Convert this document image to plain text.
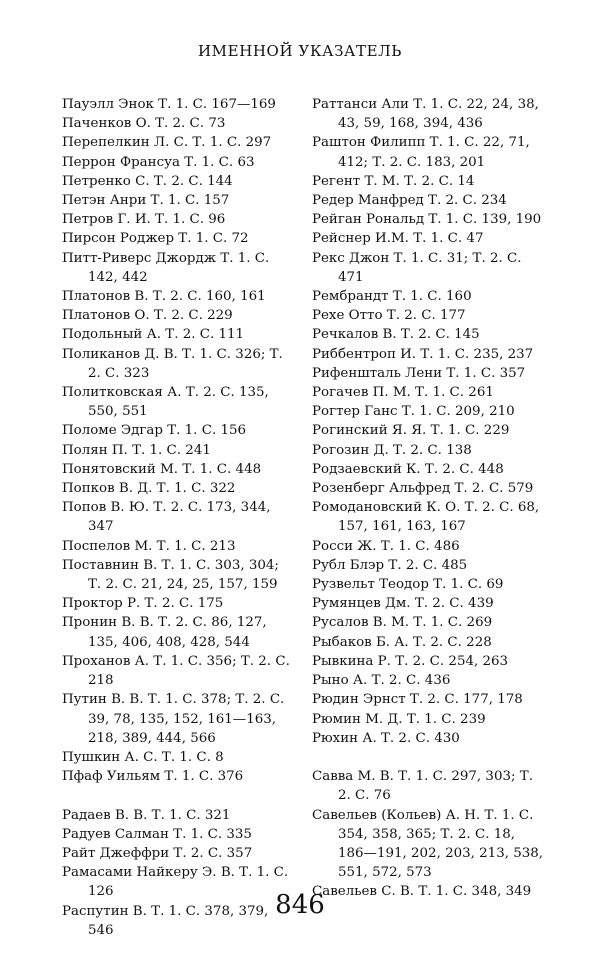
ИМЕННОЙ УКАЗАТЕЛЬ

Пауэлл Энок Т. 1. С. 167—169

Паченков О. Т. 2. С. 73

Перепелкин Л. С. Т. 1. С. 297

Перрон Франсуа Т. 1. С. 63

Петренко С. Т. 2. С. 144

Петэн Анри Т. 1. С. 157

Петров Г. И. Т. 1. С. 96

Пирсон Роджер Т. 1. С. 72

Питт-Риверс Джордж Т. 1. С. 142, 442

Платонов В. Т. 2. С. 160, 161

Платонов О. Т. 2. С. 229

Подольный А. Т. 2. С. 111

Поликанов Д. В. Т. 1. С. 326; Т. 2. С. 323

Политковская А. Т. 2. С. 135, 550, 551

Поломе Эдгар Т. 1. С. 156

Полян П. Т. 1. С. 241

Понятовский М. Т. 1. С. 448

Попков В. Д. Т. 1. С. 322

Попов В. Ю. Т. 2. С. 173, 344, 347

Поспелов М. Т. 1. С. 213

Поставнин В. Т. 1. С. 303, 304; Т. 2. С. 21, 24, 25, 157, 159

Проктор Р. Т. 2. С. 175

Пронин В. В. Т. 2. С. 86, 127, 135, 406, 408, 428, 544

Проханов А. Т. 1. С. 356; Т. 2. С. 218

Путин В. В. Т. 1. С. 378; Т. 2. С. 39, 78, 135, 152, 161—163, 218, 389, 444, 566

Пушкин А. С. Т. 1. С. 8

Пфаф Уильям Т. 1. С. 376

Радаев В. В. Т. 1. С. 321

Радуев Салман Т. 1. С. 335

Райт Джеффри Т. 2. С. 357

Рамасами Найкеру Э. В. Т. 1. С. 126

Распутин В. Т. 1. С. 378, 379, 546

Раттанси Али Т. 1. С. 22, 24, 38, 43, 59, 168, 394, 436

Раштон Филипп Т. 1. С. 22, 71, 412; Т. 2. С. 183, 201

Регент Т. М. Т. 2. С. 14

Редер Манфред Т. 2. С. 234

Рейган Рональд Т. 1. С. 139, 190

Рейснер И.М. Т. 1. С. 47

Рекс Джон Т. 1. С. 31; Т. 2. С. 471

Рембрандт Т. 1. С. 160

Рехе Отто Т. 2. С. 177

Речкалов В. Т. 2. С. 145

Риббентроп И. Т. 1. С. 235, 237

Рифеншталь Лени Т. 1. С. 357

Рогачев П. М. Т. 1. С. 261

Рогтер Ганс Т. 1. С. 209, 210

Рогинский Я. Я. Т. 1. С. 229

Рогозин Д. Т. 2. С. 138

Родзаевский К. Т. 2. С. 448

Розенберг Альфред Т. 2. С. 579

Ромодановский К. О. Т. 2. С. 68, 157, 161, 163, 167

Росси Ж. Т. 1. С. 486

Рубл Блэр Т. 2. С. 485

Рузвельт Теодор Т. 1. С. 69

Румянцев Дм. Т. 2. С. 439

Русалов В. М. Т. 1. С. 269

Рыбаков Б. А. Т. 2. С. 228

Рывкина Р. Т. 2. С. 254, 263

Рыно А. Т. 2. С. 436

Рюдин Эрнст Т. 2. С. 177, 178

Рюмин М. Д. Т. 1. С. 239

Рюхин А. Т. 2. С. 430

Савва М. В. Т. 1. С. 297, 303; Т. 2. С. 76

Савельев (Кольев) А. Н. Т. 1. С. 354, 358, 365; Т. 2. С. 18, 186—191, 202, 203, 213, 538, 551, 572, 573

Савельев С. В. Т. 1. С. 348, 349

846
